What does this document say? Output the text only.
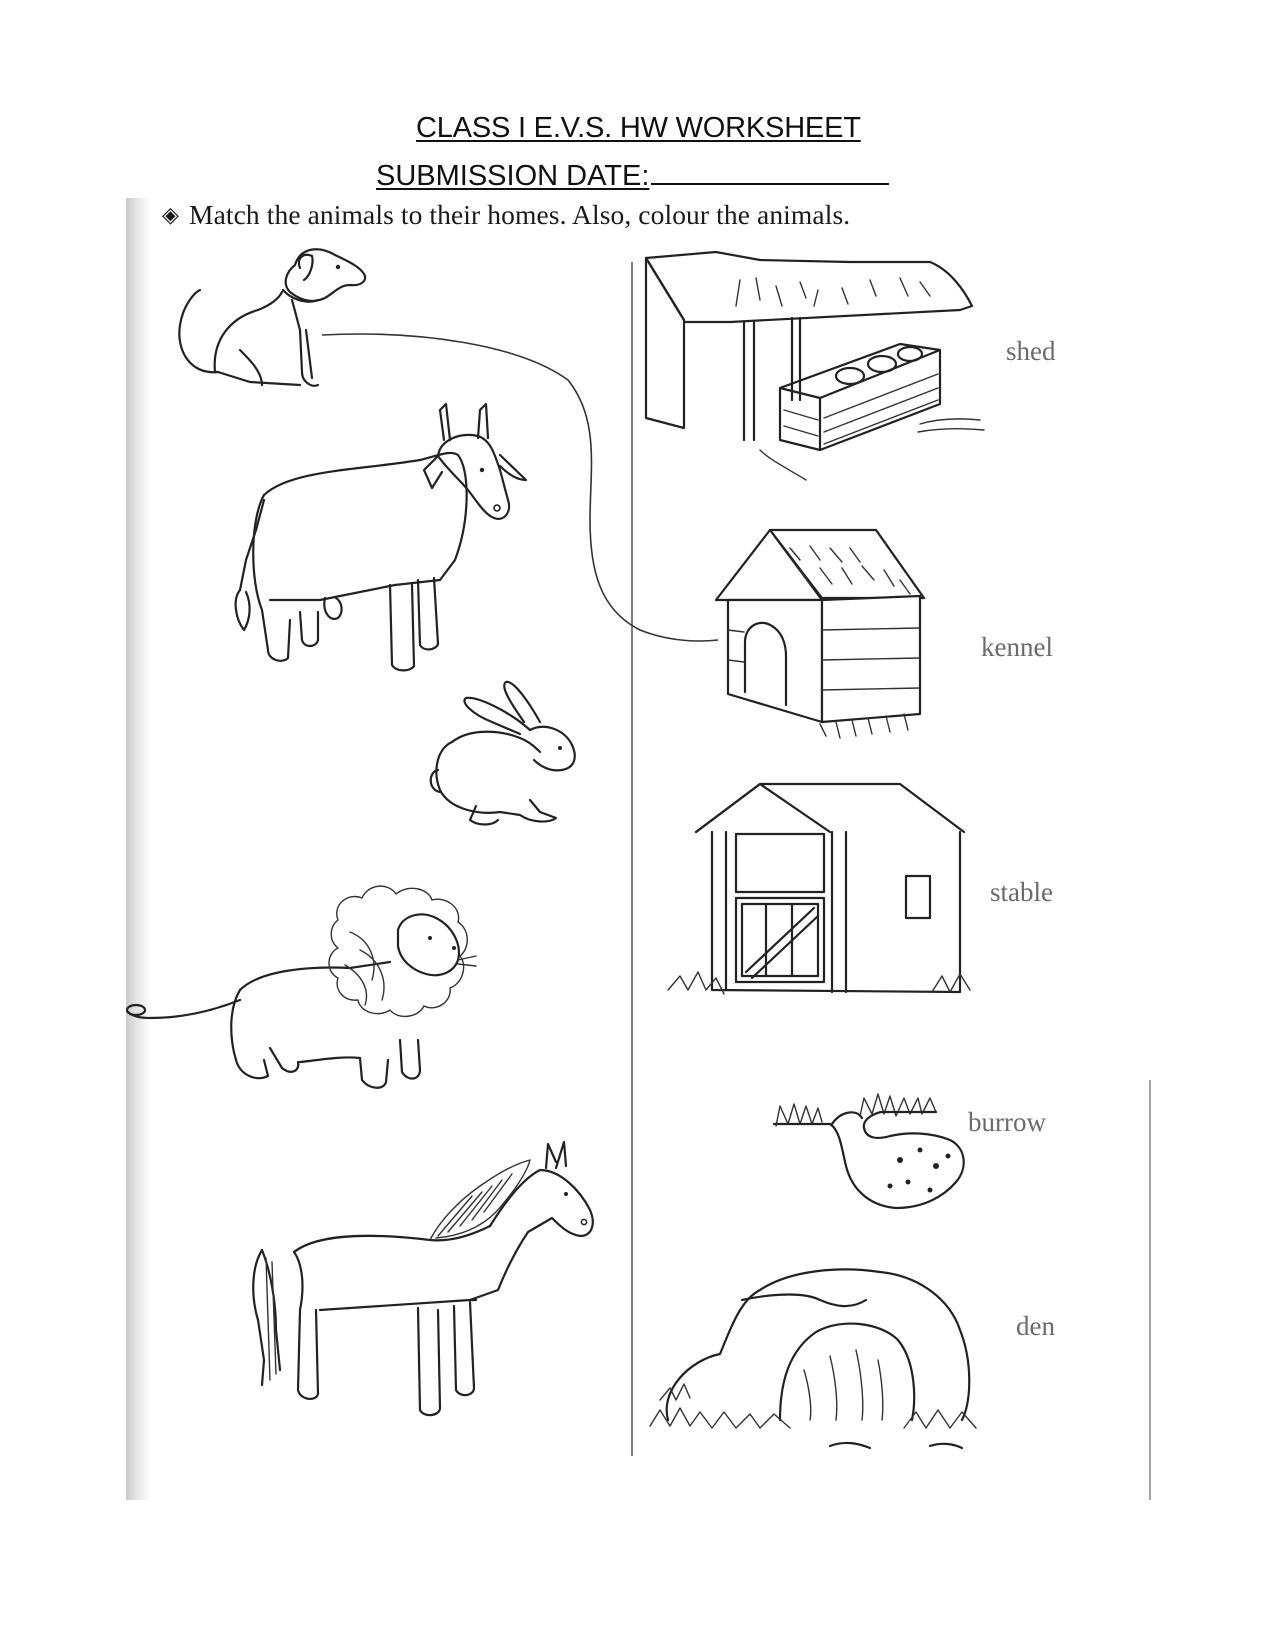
CLASS I E.V.S. HW WORKSHEET
SUBMISSION DATE:
◈ Match the animals to their homes. Also, colour the animals.
shed
kennel
stable
burrow
den
